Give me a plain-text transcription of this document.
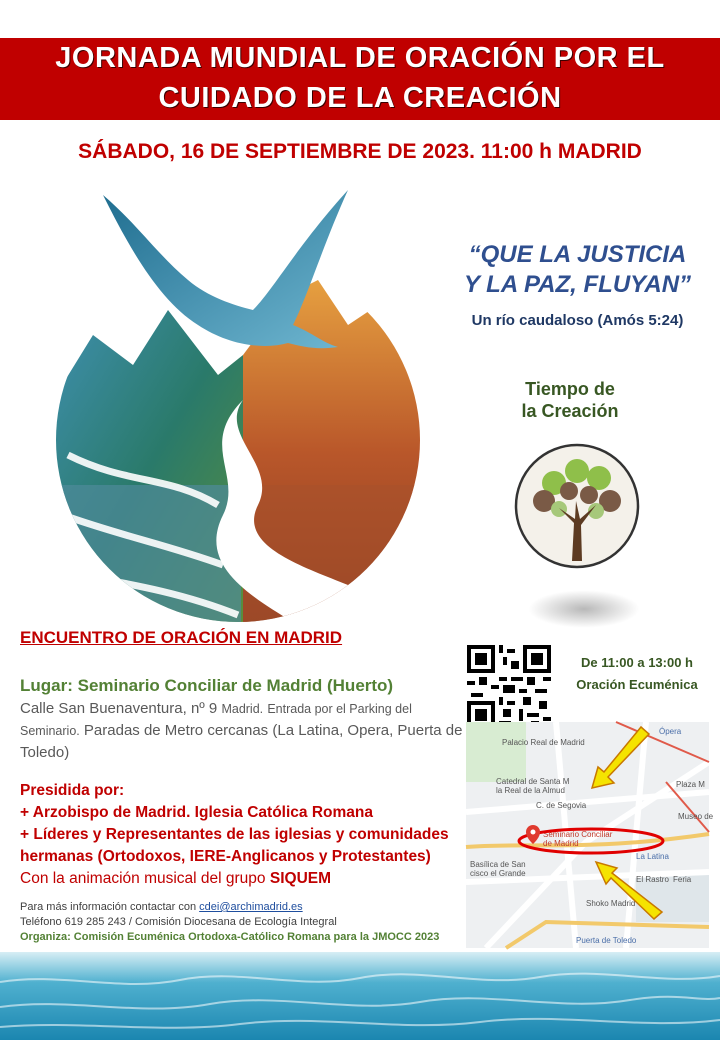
JORNADA MUNDIAL DE ORACIÓN POR EL
CUIDADO DE LA CREACIÓN
SÁBADO, 16 DE SEPTIEMBRE DE 2023. 11:00 h MADRID
“QUE LA JUSTICIA
Y LA PAZ, FLUYAN”
Un río caudaloso (Amós 5:24)
Tiempo de
la Creación
ENCUENTRO DE ORACIÓN EN MADRID
Lugar: Seminario Conciliar de Madrid (Huerto)
Calle San Buenaventura, nº 9 Madrid. Entrada por el Parking del Seminario. Paradas de Metro cercanas (La Latina, Opera, Puerta de Toledo)
Presidida por:
+ Arzobispo de Madrid. Iglesia Católica Romana
+ Líderes y Representantes de las iglesias y comunidades hermanas (Ortodoxos, IERE-Anglicanos y Protestantes)
Con la animación musical del grupo SIQUEM
Para más información contactar con cdei@archimadrid.es
Teléfono 619 285 243 / Comisión Diocesana de Ecología Integral
Organiza: Comisión Ecuménica Ortodoxa-Católico Romana para la JMOCC 2023
De 11:00 a 13:00 h
Oración Ecuménica
Palacio Real de Madrid
Ópera
Catedral de Santa M
la Real de la Almud
C. de Segovia
Plaza M
Museo de
Seminario Conciliar
de Madrid
Basílica de San
cisco el Grande
La Latina
El Rastro Feria
Shoko Madrid
Puerta de Toledo
